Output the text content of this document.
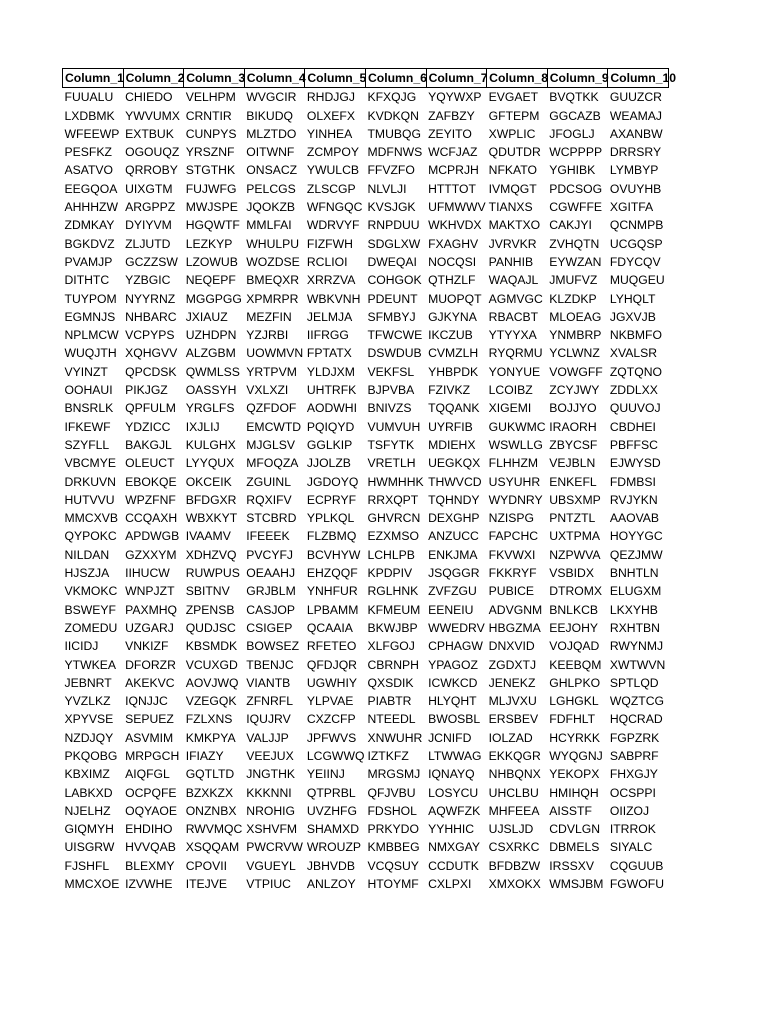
Column_1	Column_2	Column_3	Column_4	Column_5	Column_6	Column_7	Column_8	Column_9	Column_10
FUUALU	CHIEDO	VELHPM	WVGCIR	RHDJGJ	KFXQJG	YQYWXP	EVGAET	BVQTKK	GUUZCR
LXDBMK	YWVUMX	CRNTIR	BIKUDQ	OLXEFX	KVDKQN	ZAFBZY	GFTEPM	GGCAZB	WEAMAJ
WFEEWP	EXTBUK	CUNPYS	MLZTDO	YINHEA	TMUBQG	ZEYITO	XWPLIC	JFOGLJ	AXANBW
PESFKZ	OGOUQZ	YRSZNF	OITWNF	ZCMPOY	MDFNWS	WCFJAZ	QDUTDR	WCPPPP	DRRSRY
ASATVO	QRROBY	STGTHK	ONSACZ	YWULCB	FFVZFO	MCPRJH	NFKATO	YGHIBK	LYMBYP
EEGQOA	UIXGTM	FUJWFG	PELCGS	ZLSCGP	NLVLJI	HTTTOT	IVMQGT	PDCSOG	OVUYHB
AHHHZW	ARGPPZ	MWJSPE	JQOKZB	WFNGQC	KVSJGK	UFMWWV	TIANXS	CGWFFE	XGITFA
ZDMKAY	DYIYVM	HGQWTF	MMLFAI	WDRVYF	RNPDUU	WKHVDX	MAKTXO	CAKJYI	QCNMPB
BGKDVZ	ZLJUTD	LEZKYP	WHULPU	FIZFWH	SDGLXW	FXAGHV	JVRVKR	ZVHQTN	UCGQSP
PVAMJP	GCZZSW	LZOWUB	WOZDSE	RCLIOI	DWEQAI	NOCQSI	PANHIB	EYWZAN	FDYCQV
DITHTC	YZBGIC	NEQEPF	BMEQXR	XRRZVA	COHGOK	QTHZLF	WAQAJL	JMUFVZ	MUQGEU
TUYPOM	NYYRNZ	MGGPGG	XPMRPR	WBKVNH	PDEUNT	MUOPQT	AGMVGC	KLZDKP	LYHQLT
EGMNJS	NHBARC	JXIAUZ	MEZFIN	JELMJA	SFMBYJ	GJKYNA	RBACBT	MLOEAG	JGXVJB
NPLMCW	VCPYPS	UZHDPN	YZJRBI	IIFRGG	TFWCWE	IKCZUB	YTYYXA	YNMBRP	NKBMFO
WUQJTH	XQHGVV	ALZGBM	UOWMVN	FPTATX	DSWDUB	CVMZLH	RYQRMU	YCLWNZ	XVALSR
VYINZT	QPCDSK	QWMLSS	YRTPVM	YLDJXM	VEKFSL	YHBPDK	YONYUE	VOWGFF	ZQTQNO
OOHAUI	PIKJGZ	OASSYH	VXLXZI	UHTRFK	BJPVBA	FZIVKZ	LCOIBZ	ZCYJWY	ZDDLXX
BNSRLK	QPFULM	YRGLFS	QZFDOF	AODWHI	BNIVZS	TQQANK	XIGEMI	BOJJYO	QUUVOJ
IFKEWF	YDZICC	IXJLIJ	EMCWTD	PQIQYD	VUMVUH	UYRFIB	GUKWMC	IRAORH	CBDHEI
SZYFLL	BAKGJL	KULGHX	MJGLSV	GGLKIP	TSFYTK	MDIEHX	WSWLLG	ZBYCSF	PBFFSC
VBCMYE	OLEUCT	LYYQUX	MFOQZA	JJOLZB	VRETLH	UEGKQX	FLHHZM	VEJBLN	EJWYSD
DRKUVN	EBOKQE	OKCEIK	ZGUINL	JGDOYQ	HWMHHK	THWVCD	USYUHR	ENKEFL	FDMBSI
HUTVVU	WPZFNF	BFDGXR	RQXIFV	ECPRYF	RRXQPT	TQHNDY	WYDNRY	UBSXMP	RVJYKN
MMCXVB	CCQAXH	WBXKYT	STCBRD	YPLKQL	GHVRCN	DEXGHP	NZISPG	PNTZTL	AAOVAB
QYPOKC	APDWGB	IVAAMV	IFEEEK	FLZBMQ	EZXMSO	ANZUCC	FAPCHC	UXTPMA	HOYYGC
NILDAN	GZXXYM	XDHZVQ	PVCYFJ	BCVHYW	LCHLPB	ENKJMA	FKVWXI	NZPWVA	QEZJMW
HJSZJA	IIHUCW	RUWPUS	OEAAHJ	EHZQQF	KPDPIV	JSQGGR	FKKRYF	VSBIDX	BNHTLN
VKMOKC	WNPJZT	SBITNV	GRJBLM	YNHFUR	RGLHNK	ZVFZGU	PUBICE	DTROMX	ELUGXM
BSWEYF	PAXMHQ	ZPENSB	CASJOP	LPBAMM	KFMEUM	EENEIU	ADVGNM	BNLKCB	LKXYHB
ZOMEDU	UZGARJ	QUDJSC	CSIGEP	QCAAIA	BKWJBP	WWEDRV	HBGZMA	EEJOHY	RXHTBN
IICIDJ	VNKIZF	KBSMDK	BOWSEZ	RFETEO	XLFGOJ	CPHAGW	DNXVID	VOJQAD	RWYNMJ
YTWKEA	DFORZR	VCUXGD	TBENJC	QFDJQR	CBRNPH	YPAGOZ	ZGDXTJ	KEEBQM	XWTWVN
JEBNRT	AKEKVC	AOVJWQ	VIANTB	UGWHIY	QXSDIK	ICWKCD	JENEKZ	GHLPKO	SPTLQD
YVZLKZ	IQNJJC	VZEGQK	ZFNRFL	YLPVAE	PIABTR	HLYQHT	MLJVXU	LGHGKL	WQZTCG
XPYVSE	SEPUEZ	FZLXNS	IQUJRV	CXZCFP	NTEEDL	BWOSBL	ERSBEV	FDFHLT	HQCRAD
NZDJQY	ASVMIM	KMKPYA	VALJJP	JPFWVS	XNWUHR	JCNIFD	IOLZAD	HCYRKK	FGPZRK
PKQOBG	MRPGCH	IFIAZY	VEEJUX	LCGWWQ	IZTKFZ	LTWWAG	EKKQGR	WYQGNJ	SABPRF
KBXIMZ	AIQFGL	GQTLTD	JNGTHK	YEIINJ	MRGSMJ	IQNAYQ	NHBQNX	YEKOPX	FHXGJY
LABKXD	OCPQFE	BZXKZX	KKKNNI	QTPRBL	QFJVBU	LOSYCU	UHCLBU	HMIHQH	OCSPPI
NJELHZ	OQYAOE	ONZNBX	NROHIG	UVZHFG	FDSHOL	AQWFZK	MHFEEA	AISSTF	OIIZOJ
GIQMYH	EHDIHO	RWVMQC	XSHVFM	SHAMXD	PRKYDO	YYHHIC	UJSLJD	CDVLGN	ITRROK
UISGRW	HVVQAB	XSQQAM	PWCRVW	WROUZP	KMBBEG	NMXGAY	CSXRKC	DBMELS	SIYALC
FJSHFL	BLEXMY	CPOVII	VGUEYL	JBHVDB	VCQSUY	CCDUTK	BFDBZW	IRSSXV	CQGUUB
MMCXOE	IZVWHE	ITEJVE	VTPIUC	ANLZOY	HTOYMF	CXLPXI	XMXOKX	WMSJBM	FGWOFU
